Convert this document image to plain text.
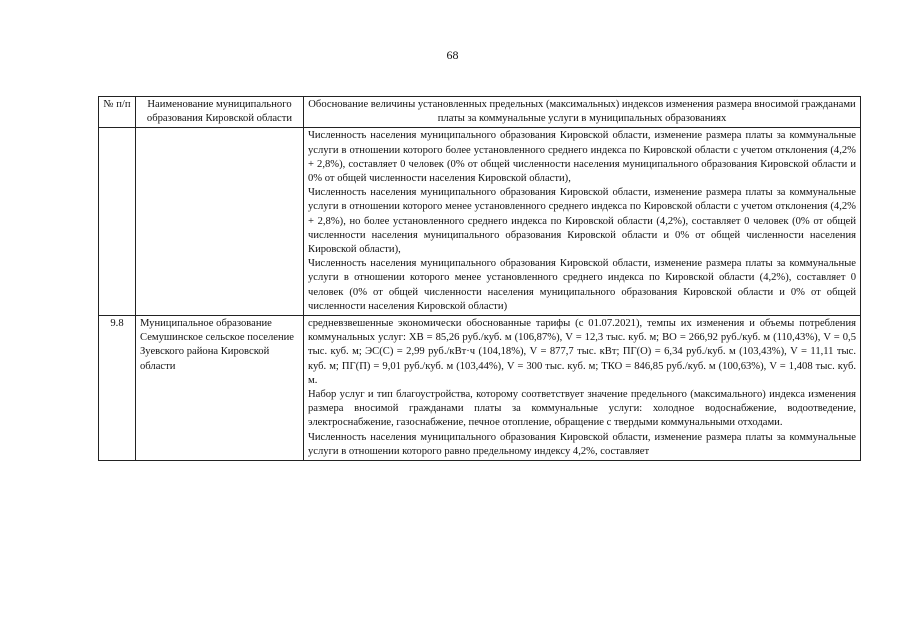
68
№ п/п	Наименование муниципального образования Кировской области	Обоснование величины установленных предельных (максимальных) индексов изменения размера вносимой гражданами платы за коммунальные услуги в муниципальных образованиях

		Численность населения муниципального образования Кировской области, изменение размера платы за коммунальные услуги в отношении которого более установленного среднего индекса по Кировской области с учетом отклонения (4,2% + 2,8%), составляет 0 человек (0% от общей численности населения муниципального образования Кировской области и 0% от общей численности населения Кировской области),

Численность населения муниципального образования Кировской области, изменение размера платы за коммунальные услуги в отношении которого менее установленного среднего индекса по Кировской области с учетом отклонения (4,2% + 2,8%), но более установленного среднего индекса по Кировской области (4,2%), составляет 0 человек (0% от общей численности населения муниципального образования Кировской области и 0% от общей численности населения Кировской области),

Численность населения муниципального образования Кировской области, изменение размера платы за коммунальные услуги в отношении которого менее установленного среднего индекса по Кировской области (4,2%), составляет 0 человек (0% от общей численности населения муниципального образования Кировской области и 0% от общей численности населения Кировской области)

9.8	Муниципальное образование Семушинское сельское поселение Зуевского района Кировской области	средневзвешенные экономически обоснованные тарифы (с 01.07.2021), темпы их изменения и объемы потребления коммунальных услуг: ХВ = 85,26 руб./куб. м (106,87%), V = 12,3 тыс. куб. м; ВО = 266,92 руб./куб. м (110,43%), V = 0,5 тыс. куб. м; ЭС(С) = 2,99 руб./кВт·ч (104,18%), V = 877,7 тыс. кВт; ПГ(О) = 6,34 руб./куб. м (103,43%), V = 11,11 тыс. куб. м; ПГ(П) = 9,01 руб./куб. м (103,44%), V = 300 тыс. куб. м; ТКО = 846,85 руб./куб. м (100,63%), V = 1,408 тыс. куб. м.

Набор услуг и тип благоустройства, которому соответствует значение предельного (максимального) индекса изменения размера вносимой гражданами платы за коммунальные услуги: холодное водоснабжение, водоотведение, электроснабжение, газоснабжение, печное отопление, обращение с твердыми коммунальными отходами.

Численность населения муниципального образования Кировской области, изменение размера платы за коммунальные услуги в отношении которого равно предельному индексу 4,2%, составляет
